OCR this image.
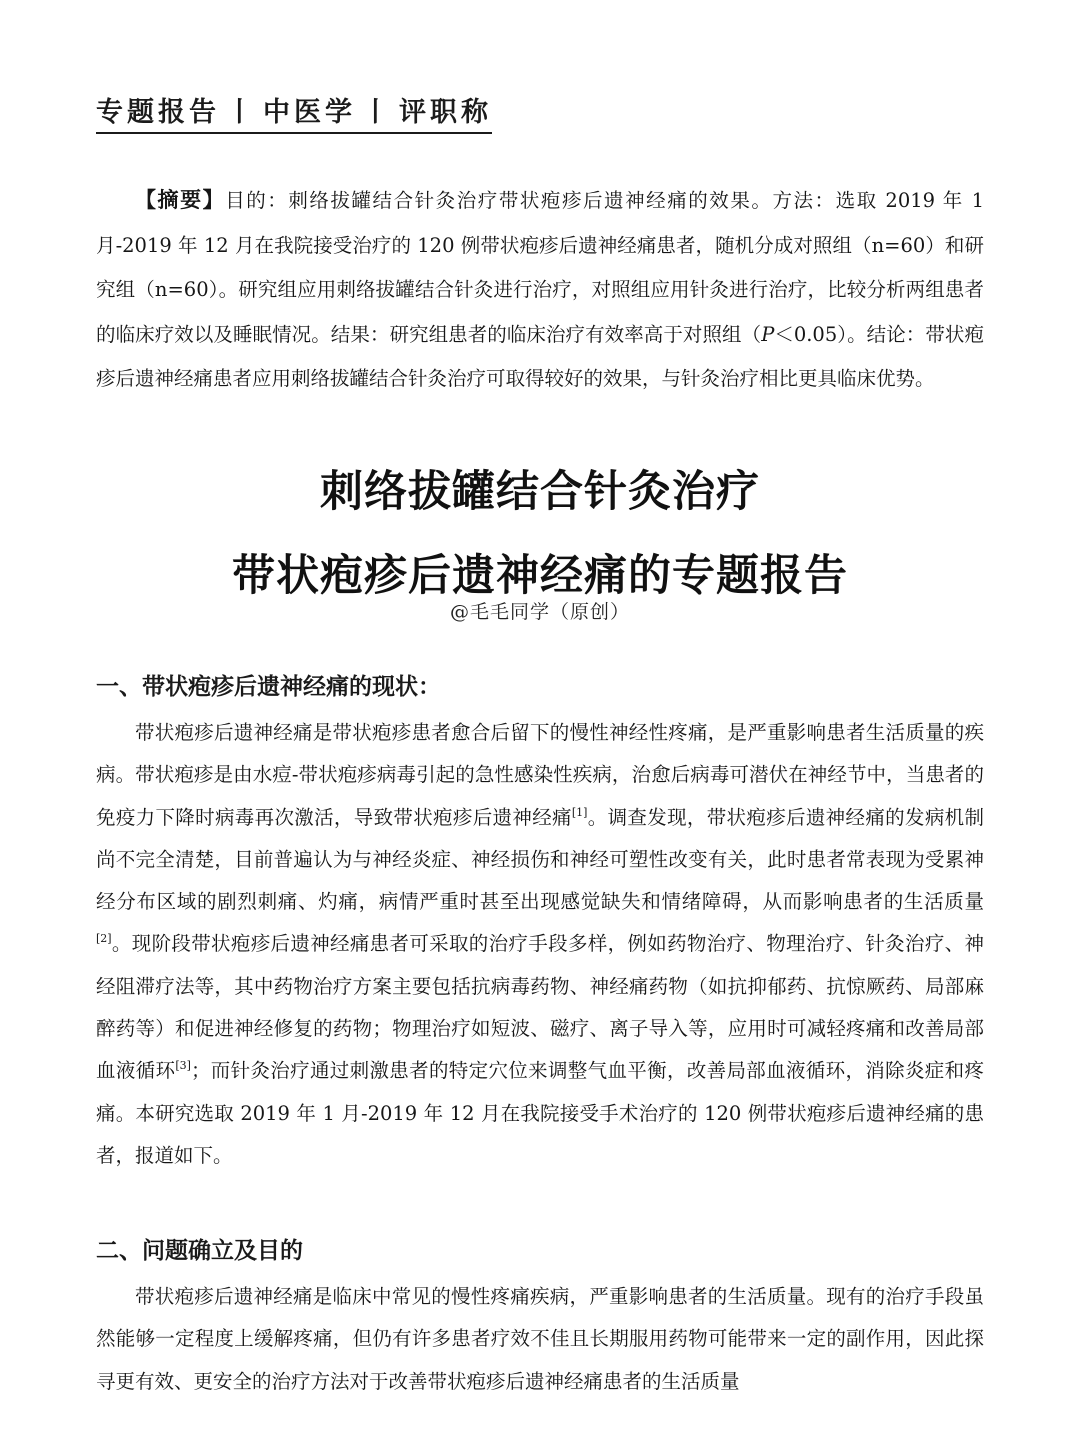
专题报告 丨 中医学 丨 评职称

【摘要】目的：刺络拔罐结合针灸治疗带状疱疹后遗神经痛的效果。方法：选取 2019 年 1 月-2019 年 12 月在我院接受治疗的 120 例带状疱疹后遗神经痛患者，随机分成对照组（n=60）和研究组（n=60）。研究组应用刺络拔罐结合针灸进行治疗，对照组应用针灸进行治疗，比较分析两组患者的临床疗效以及睡眠情况。结果：研究组患者的临床治疗有效率高于对照组（P＜0.05）。结论：带状疱疹后遗神经痛患者应用刺络拔罐结合针灸治疗可取得较好的效果，与针灸治疗相比更具临床优势。

刺络拔罐结合针灸治疗
带状疱疹后遗神经痛的专题报告
@毛毛同学（原创）
一、带状疱疹后遗神经痛的现状：

带状疱疹后遗神经痛是带状疱疹患者愈合后留下的慢性神经性疼痛，是严重影响患者生活质量的疾病。带状疱疹是由水痘-带状疱疹病毒引起的急性感染性疾病，治愈后病毒可潜伏在神经节中，当患者的免疫力下降时病毒再次激活，导致带状疱疹后遗神经痛[1]。调查发现，带状疱疹后遗神经痛的发病机制尚不完全清楚，目前普遍认为与神经炎症、神经损伤和神经可塑性改变有关，此时患者常表现为受累神经分布区域的剧烈刺痛、灼痛，病情严重时甚至出现感觉缺失和情绪障碍，从而影响患者的生活质量[2]。现阶段带状疱疹后遗神经痛患者可采取的治疗手段多样，例如药物治疗、物理治疗、针灸治疗、神经阻滞疗法等，其中药物治疗方案主要包括抗病毒药物、神经痛药物（如抗抑郁药、抗惊厥药、局部麻醉药等）和促进神经修复的药物；物理治疗如短波、磁疗、离子导入等，应用时可减轻疼痛和改善局部血液循环[3]；而针灸治疗通过刺激患者的特定穴位来调整气血平衡，改善局部血液循环，消除炎症和疼痛。本研究选取 2019 年 1 月-2019 年 12 月在我院接受手术治疗的 120 例带状疱疹后遗神经痛的患者，报道如下。

二、问题确立及目的

带状疱疹后遗神经痛是临床中常见的慢性疼痛疾病，严重影响患者的生活质量。现有的治疗手段虽然能够一定程度上缓解疼痛，但仍有许多患者疗效不佳且长期服用药物可能带来一定的副作用，因此探寻更有效、更安全的治疗方法对于改善带状疱疹后遗神经痛患者的生活质量
